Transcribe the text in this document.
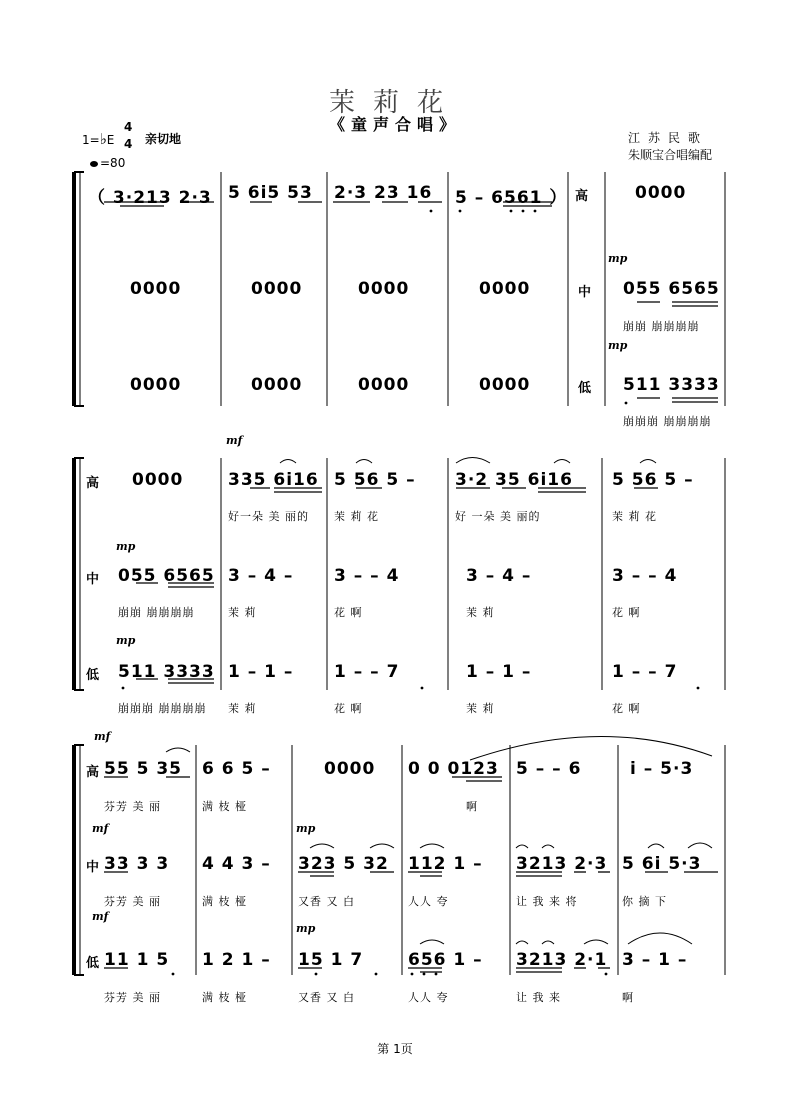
茉莉花
《童声合唱》
1=♭E
4
4 亲切地
=80
江苏民歌
朱顺宝合唱编配
（ 3·213 2·3 5 6i5 53 2·3 23 16 5 – 6561 ） 高	0000
mp
0000	0000	0000	0000	中 055 6565
崩崩 崩崩崩崩
mp
0000	0000	0000	0000	低 511 3333
崩崩崩 崩崩崩崩
mf
高 0000	335 6i16 5 56 5 – 3·2 35 6i16 5 56 5 –
好一朵 美 丽的 茉 莉 花	好 一朵 美 丽的	茉 莉 花
mp
中 055 6565 3 – 4 – 3 – – 4	3 – 4 –	3 – – 4
崩崩 崩崩崩崩	茉 莉	花 啊	茉 莉	花 啊
mp
低 511 3333 1 – 1 – 1 – – 7	1 – 1 –	1 – – 7
崩崩崩 崩崩崩崩 茉 莉	花 啊	茉 莉	花 啊
mf
高 55 5 35 6 6 5 –	0000 0 0 0123 5 – – 6	i – 5·3
芬芳 美 丽	满 枝 桠	啊
mf	mp
中 33 3 3 4 4 3 – 323 5 32 112 1 – 3213 2·3 5 6i 5·3
芬芳 美 丽	满 枝 桠	又香 又 白	人人 夸	让 我 来 将	你 摘 下
mf
mp
低 11 1 5 1 2 1 – 15 1 7	656 1 – 3213 2·1 3 – 1 –
芬芳 美 丽	满 枝 桠	又香 又 白	人人 夸	让 我 来	啊
第 1页
